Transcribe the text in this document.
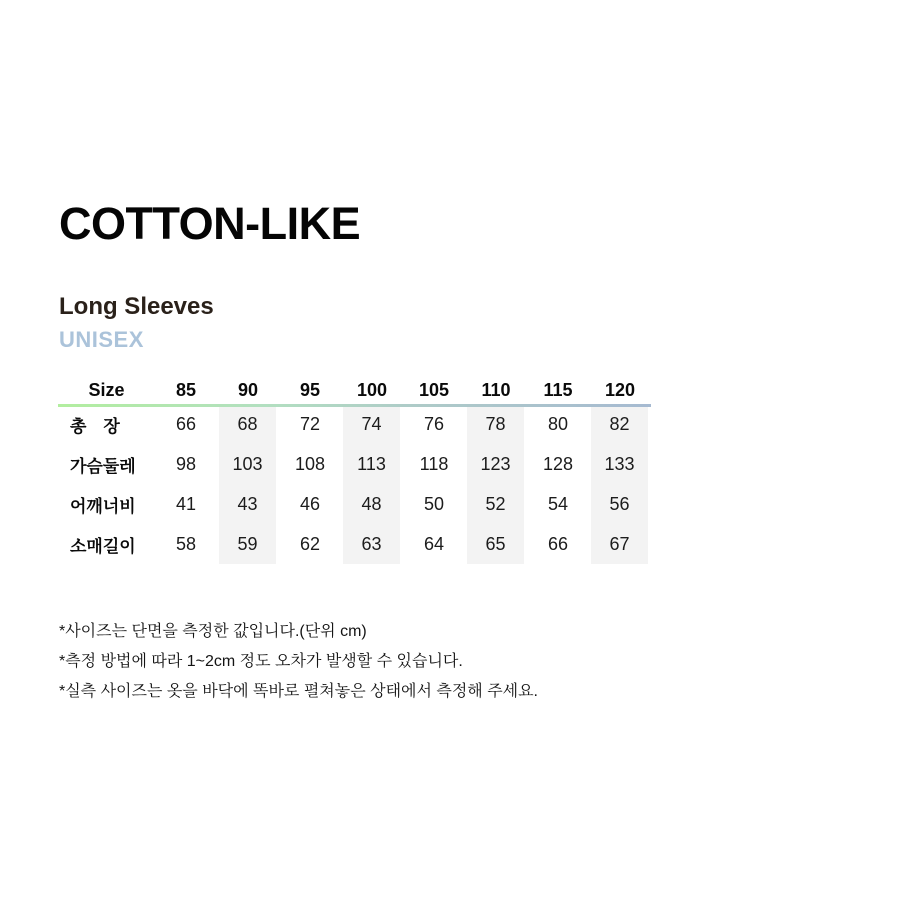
COTTON-LIKE
Long Sleeves
UNISEX
Size	85	90	95	100	105	110	115	120
총　장	66	68	72	74	76	78	80	82
가슴둘레	98	103	108	113	118	123	128	133
어깨너비	41	43	46	48	50	52	54	56
소매길이	58	59	62	63	64	65	66	67

*사이즈는 단면을 측정한 값입니다.(단위 cm)

*측정 방법에 따라 1~2cm 정도 오차가 발생할 수 있습니다.

*실측 사이즈는 옷을 바닥에 똑바로 펼쳐놓은 상태에서 측정해 주세요.
